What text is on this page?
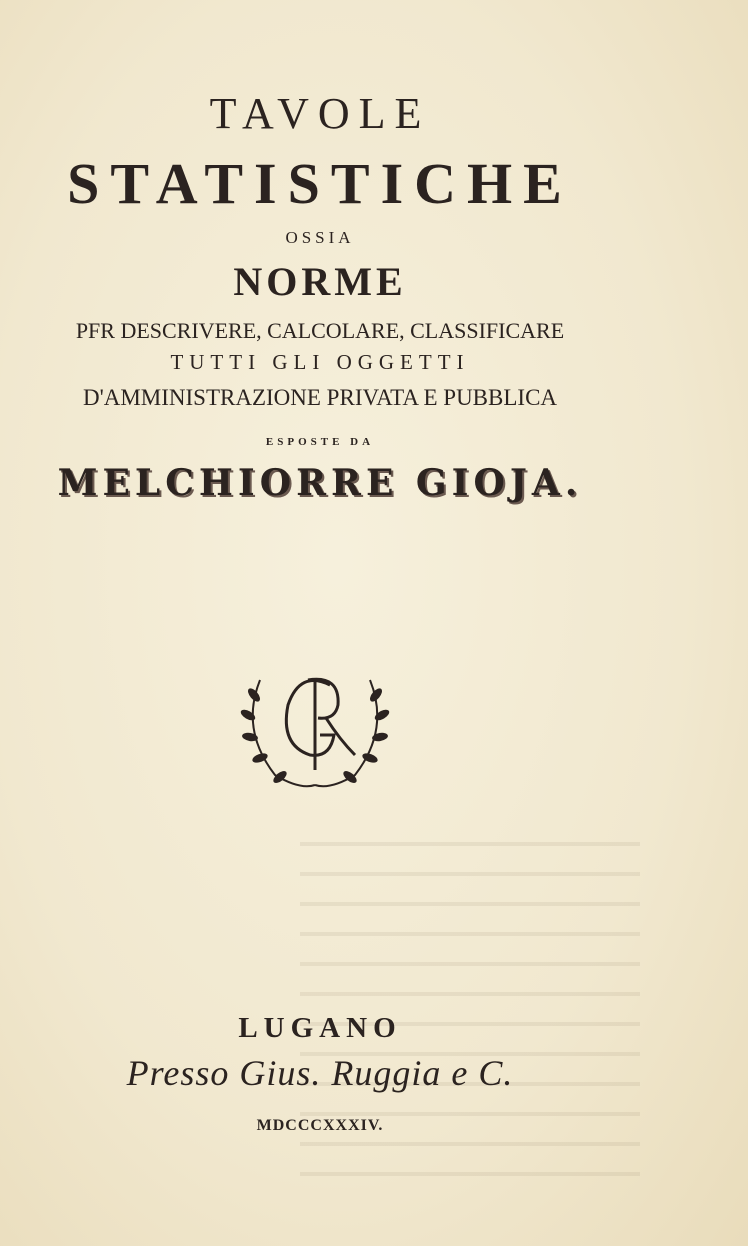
TAVOLE
STATISTICHE
OSSIA
NORME
PFR DESCRIVERE, CALCOLARE, CLASSIFICARE
TUTTI GLI OGGETTI
D'AMMINISTRAZIONE PRIVATA E PUBBLICA
ESPOSTE DA
MELCHIORRE GIOJA.
LUGANO
Presso Gius. Ruggia e C.
MDCCCXXXIV.
